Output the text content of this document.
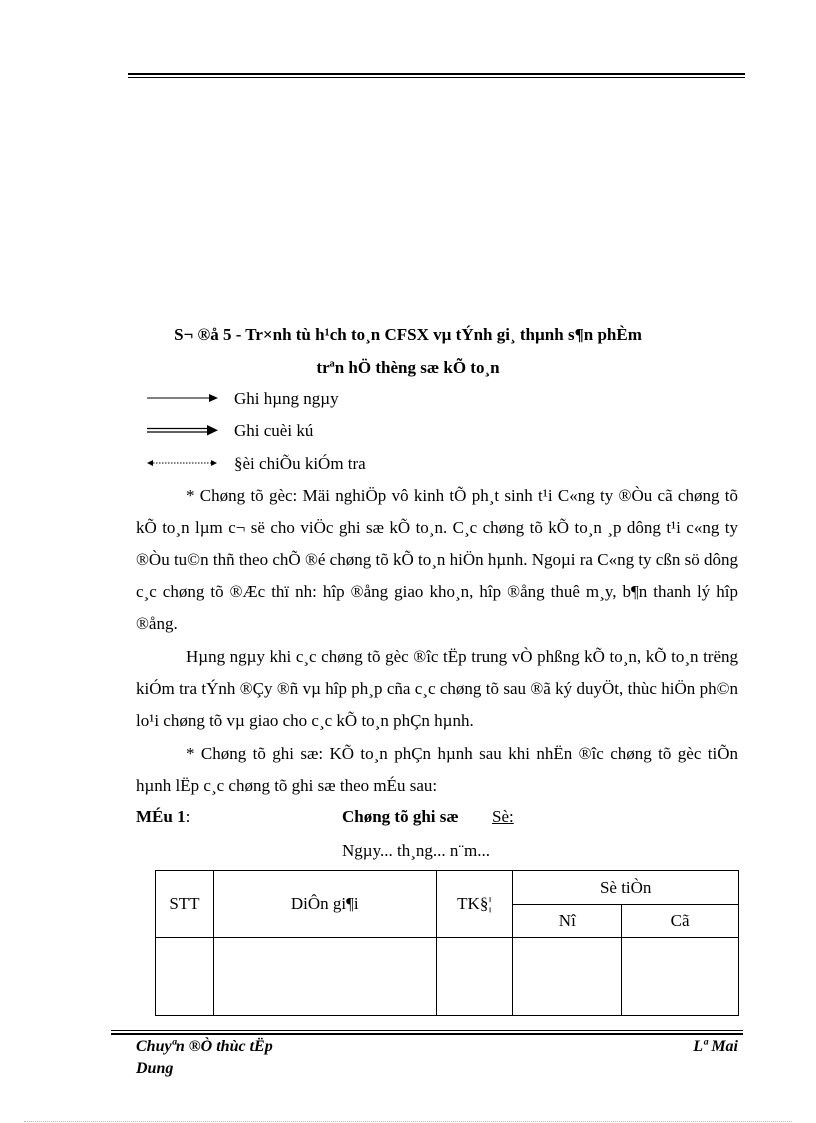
S¬ ®å 5 - Tr×nh tù h¹ch to¸n CFSX vµ tÝnh gi¸ thµnh s¶n phÈm
trªn hÖ thèng sæ kÕ to¸n
Ghi hµng ngµy
Ghi cuèi kú
§èi chiÕu kiÓm tra
* Chøng tõ gèc: Mäi nghiÖp vô kinh tÕ ph¸t sinh t¹i C«ng ty ®Òu cã chøng tõ kÕ to¸n lµm c¬ së cho viÖc ghi sæ kÕ to¸n. C¸c chøng tõ kÕ to¸n ¸p dông t¹i c«ng ty ®Òu tu©n thñ theo chÕ ®é chøng tõ kÕ to¸n hiÖn hµnh. Ngoµi ra C«ng ty cßn sö dông c¸c chøng tõ ®Æc thï nh: hîp ®ång giao kho¸n, hîp ®ång thuê m¸y, b¶n thanh lý hîp ®ång.
Hµng ngµy khi c¸c chøng tõ gèc ®îc tËp trung vÒ phßng kÕ to¸n, kÕ to¸n trëng kiÓm tra tÝnh ®Çy ®ñ vµ hîp ph¸p cña c¸c chøng tõ sau ®ã ký duyÖt, thùc hiÖn ph©n lo¹i chøng tõ vµ giao cho c¸c kÕ to¸n phÇn hµnh.
* Chøng tõ ghi sæ: KÕ to¸n phÇn hµnh sau khi nhËn ®îc chøng tõ gèc tiÕn hµnh lËp c¸c chøng tõ ghi sæ theo mÉu sau:
MÉu 1:	Chøng tõ ghi sæ Sè:
Ngµy... th¸ng... n¨m...
STT	DiÔn gi¶i	TK§¦	Sè tiÒn	
			Nî	Cã

Chuyªn ®Ò thùc tËp
Dung
Lª Mai
